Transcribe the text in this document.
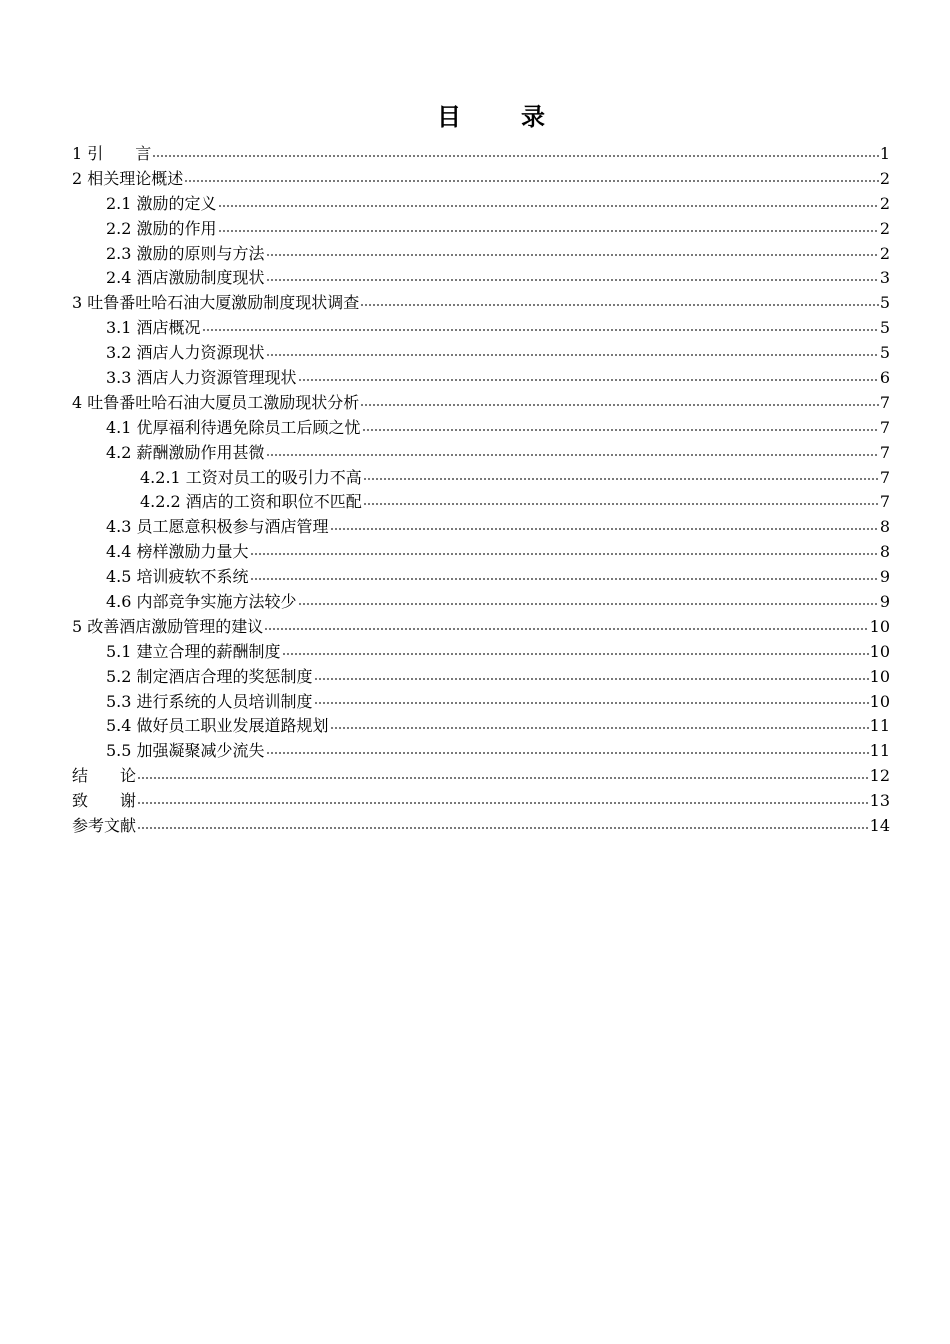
目　录
1 引　　言	1
2 相关理论概述	2
2.1 激励的定义	2
2.2 激励的作用	2
2.3 激励的原则与方法	2
2.4 酒店激励制度现状	3
3 吐鲁番吐哈石油大厦激励制度现状调查	5
3.1 酒店概况	5
3.2 酒店人力资源现状	5
3.3 酒店人力资源管理现状	6
4 吐鲁番吐哈石油大厦员工激励现状分析	7
4.1 优厚福利待遇免除员工后顾之忧	7
4.2 薪酬激励作用甚微	7
4.2.1 工资对员工的吸引力不高	7
4.2.2 酒店的工资和职位不匹配	7
4.3 员工愿意积极参与酒店管理	8
4.4 榜样激励力量大	8
4.5 培训疲软不系统	9
4.6 内部竞争实施方法较少	9
5 改善酒店激励管理的建议	10
5.1 建立合理的薪酬制度	10
5.2 制定酒店合理的奖惩制度	10
5.3 进行系统的人员培训制度	10
5.4 做好员工职业发展道路规划	11
5.5 加强凝聚减少流失	11
结　　论	12
致　　谢	13
参考文献	14
